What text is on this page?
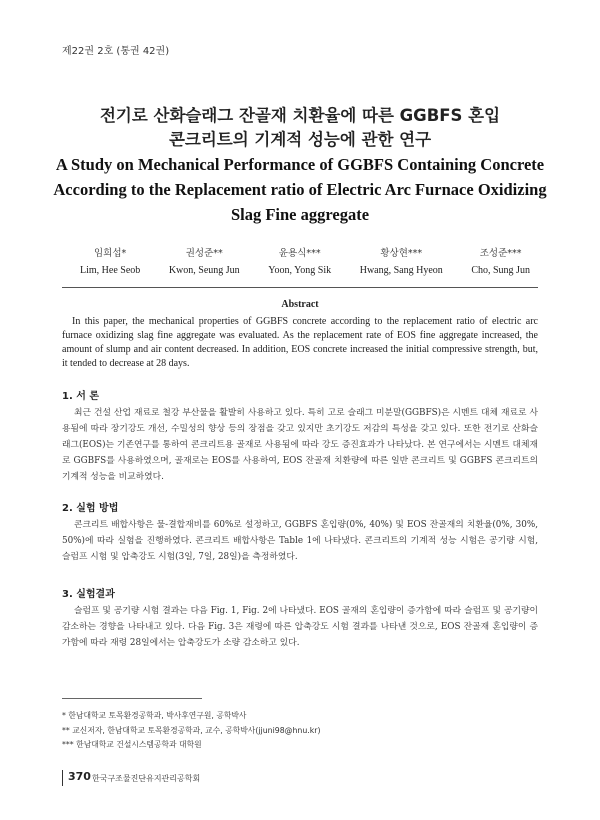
제22권 2호 (통권 42권)
전기로 산화슬래그 잔골재 치환율에 따른 GGBFS 혼입
콘크리트의 기계적 성능에 관한 연구
A Study on Mechanical Performance of GGBFS Containing Concrete
According to the Replacement ratio of Electric Arc Furnace Oxidizing
Slag Fine aggregate
임희섭*
Lim, Hee Seob
권성준**
Kwon, Seung Jun
윤용식***
Yoon, Yong Sik
황상현***
Hwang, Sang Hyeon
조성준***
Cho, Sung Jun
Abstract

In this paper, the mechanical properties of GGBFS concrete according to the replacement ratio of electric arc furnace oxidizing slag fine aggregate was evaluated. As the replacement rate of EOS fine aggregate increased, the amount of slump and air content decreased. In addition, EOS concrete increased the initial compressive strength, but, it tended to decrease at 28 days.

1. 서 론

최근 건설 산업 재료로 철강 부산물을 활발히 사용하고 있다. 특히 고로 슬래그 미분말(GGBFS)은 시멘트 대체 재료로 사용됨에 따라 장기강도 개선, 수밀성의 향상 등의 장점을 갖고 있지만 초기강도 저감의 특성을 갖고 있다. 또한 전기로 산화슬래그(EOS)는 기존연구를 통하여 콘크리트용 골재로 사용됨에 따라 강도 증진효과가 나타났다. 본 연구에서는 시멘트 대체재로 GGBFS를 사용하였으며, 골재로는 EOS를 사용하여, EOS 잔골재 치환량에 따른 일반 콘크리트 및 GGBFS 콘크리트의 기계적 성능을 비교하였다.

2. 실험 방법

콘크리트 배합사항은 물-결합재비를 60%로 설정하고, GGBFS 혼입량(0%, 40%) 및 EOS 잔골재의 치환율(0%, 30%, 50%)에 따라 실험을 진행하였다. 콘크리트 배합사항은 Table 1에 나타냈다. 콘크리트의 기계적 성능 시험은 공기량 시험, 슬럼프 시험 및 압축강도 시험(3일, 7일, 28일)을 측정하였다.

3. 실험결과

슬럼프 및 공기량 시험 결과는 다음 Fig. 1, Fig. 2에 나타냈다. EOS 골재의 혼입량이 증가함에 따라 슬럼프 및 공기량이 감소하는 경향을 나타내고 있다. 다음 Fig. 3은 재령에 따른 압축강도 시험 결과를 나타낸 것으로, EOS 잔골재 혼입량이 증가함에 따라 재령 28일에서는 압축강도가 소량 감소하고 있다.

* 한남대학교 토목환경공학과, 박사후연구원, 공학박사
** 교신저자, 한남대학교 토목환경공학과, 교수, 공학박사(jjuni98@hnu.kr)
*** 한남대학교 건설시스템공학과 대학원
370 한국구조물진단유지관리공학회
